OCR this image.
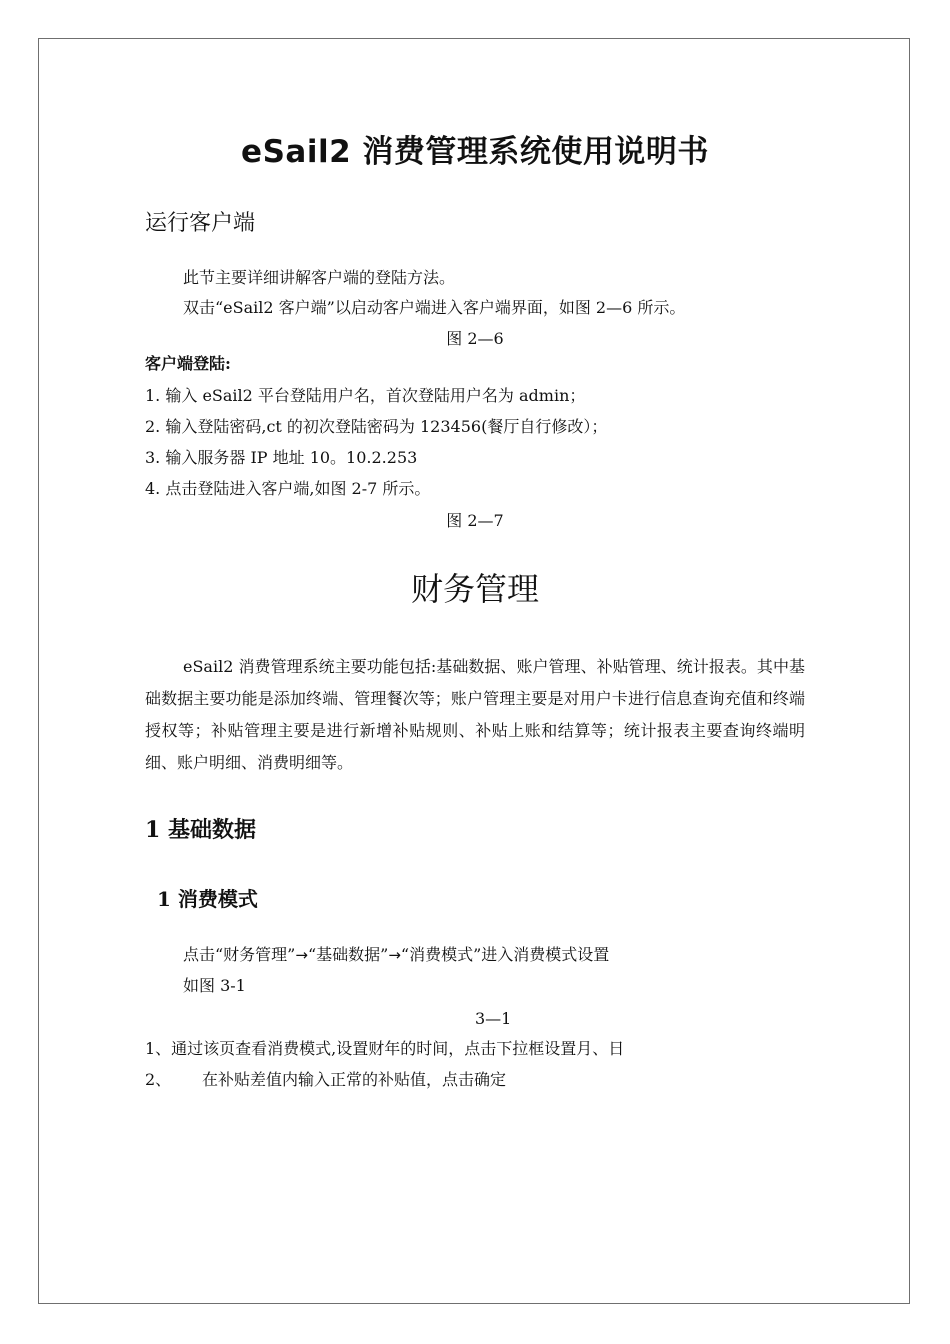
eSail2 消费管理系统使用说明书
运行客户端
此节主要详细讲解客户端的登陆方法。
双击“eSail2 客户端”以启动客户端进入客户端界面，如图 2—6 所示。
图 2—6
客户端登陆:
1. 输入 eSail2 平台登陆用户名，首次登陆用户名为 admin；
2. 输入登陆密码,ct 的初次登陆密码为 123456(餐厅自行修改）；
3. 输入服务器 IP 地址 10。10.2.253
4. 点击登陆进入客户端,如图 2-7 所示。
图 2—7
财务管理
eSail2 消费管理系统主要功能包括:基础数据、账户管理、补贴管理、统计报表。其中基础数据主要功能是添加终端、管理餐次等；账户管理主要是对用户卡进行信息查询充值和终端授权等；补贴管理主要是进行新增补贴规则、补贴上账和结算等；统计报表主要查询终端明细、账户明细、消费明细等。
1 基础数据
1 消费模式
点击“财务管理”→“基础数据”→“消费模式”进入消费模式设置
如图 3-1
3—1
1、通过该页查看消费模式,设置财年的时间，点击下拉框设置月、日
2、 在补贴差值内输入正常的补贴值，点击确定
